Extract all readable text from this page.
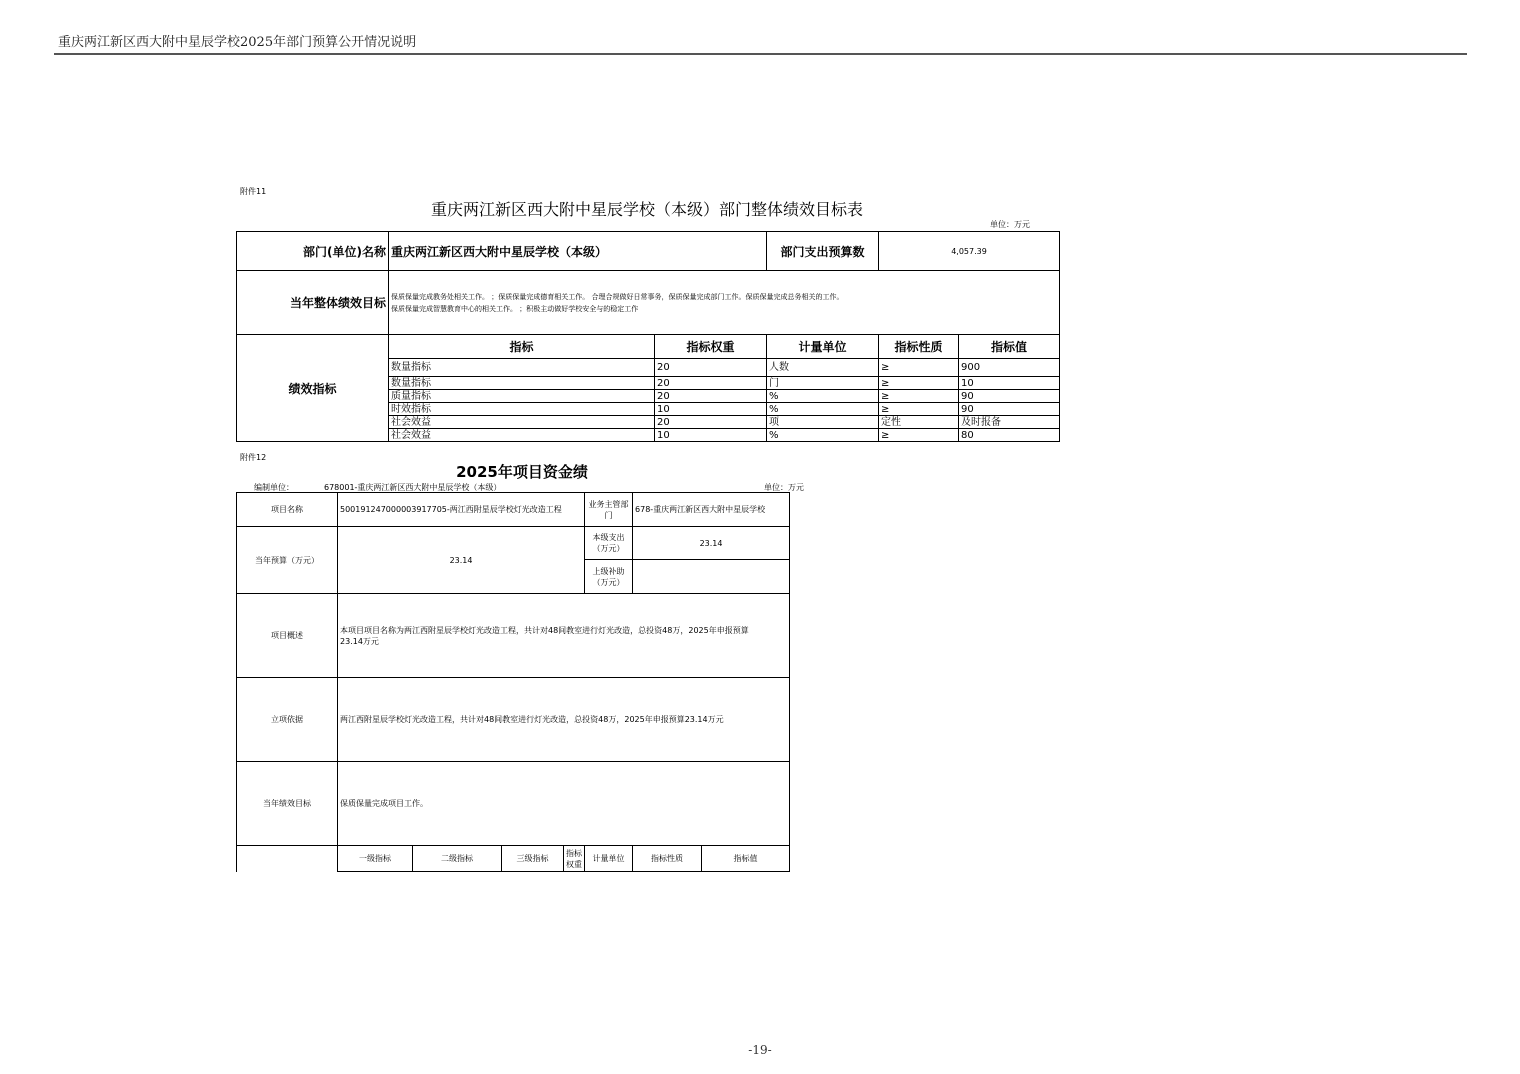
重庆两江新区西大附中星辰学校2025年部门预算公开情况说明
附件11
重庆两江新区西大附中星辰学校（本级）部门整体绩效目标表
单位：万元
部门(单位)名称	重庆两江新区西大附中星辰学校（本级）		部门支出预算数	4,057.39	
当年整体绩效目标	保质保量完成教务处相关工作。 ；保质保量完成德育相关工作。 合理合规做好日常事务，保质保量完成部门工作。保质保量完成总务相关的工作。
保质保量完成智慧教育中心的相关工作。 ；积极主动做好学校安全与的稳定工作				

绩效指标	指标	指标权重	计量单位	指标性质	指标值
	数量指标	20	人数	≥	900
	数量指标	20	门	≥	10
	质量指标	20	%	≥	90
	时效指标	10	%	≥	90
	社会效益	20	项	定性	及时报备
	社会效益	10	%	≥	80
附件12
2025年项目资金绩
编制单位：	678001-重庆两江新区西大附中星辰学校（本级）	单位：万元
项目名称	500191247000003917705-两江西附星辰学校灯光改造工程				业务主管部门	678-重庆两江新区西大附中星辰学校	
当年预算（万元）	23.14				本级支出（万元）	23.14	
					上级补助（万元）		
项目概述	本项目项目名称为两江西附星辰学校灯光改造工程，共计对48间教室进行灯光改造，总投资48万，2025年申报预算
23.14万元						

立项依据	两江西附星辰学校灯光改造工程，共计对48间教室进行灯光改造，总投资48万，2025年申报预算23.14万元						
当年绩效目标	保质保量完成项目工作。						
	一级指标	二级指标	三级指标	指标权重	计量单位	指标性质	指标值
-19-
